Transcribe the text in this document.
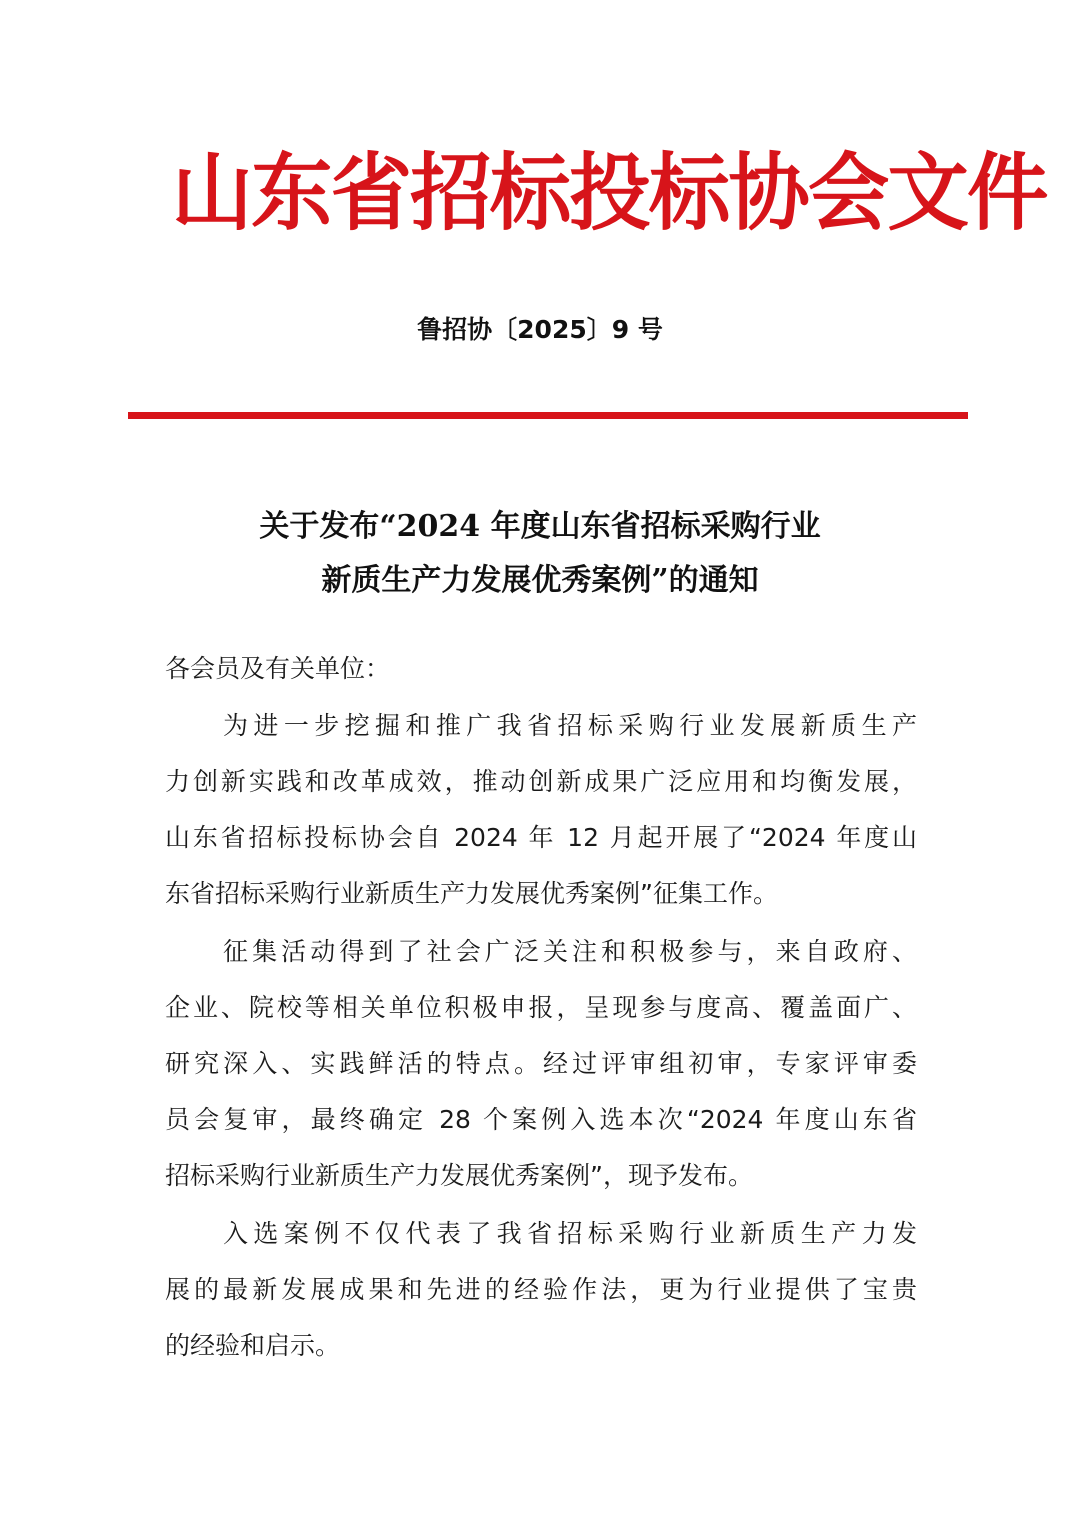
山东省招标投标协会文件
鲁招协〔2025〕9 号
关于发布“2024 年度山东省招标采购行业
新质生产力发展优秀案例”的通知
各会员及有关单位：
为进一步挖掘和推广我省招标采购行业发展新质生产
力创新实践和改革成效，推动创新成果广泛应用和均衡发展，
山东省招标投标协会自 2024 年 12 月起开展了“2024 年度山
东省招标采购行业新质生产力发展优秀案例”征集工作。
征集活动得到了社会广泛关注和积极参与，来自政府、
企业、院校等相关单位积极申报，呈现参与度高、覆盖面广、
研究深入、实践鲜活的特点。经过评审组初审，专家评审委
员会复审，最终确定 28 个案例入选本次“2024 年度山东省
招标采购行业新质生产力发展优秀案例”，现予发布。
入选案例不仅代表了我省招标采购行业新质生产力发
展的最新发展成果和先进的经验作法，更为行业提供了宝贵
的经验和启示。
